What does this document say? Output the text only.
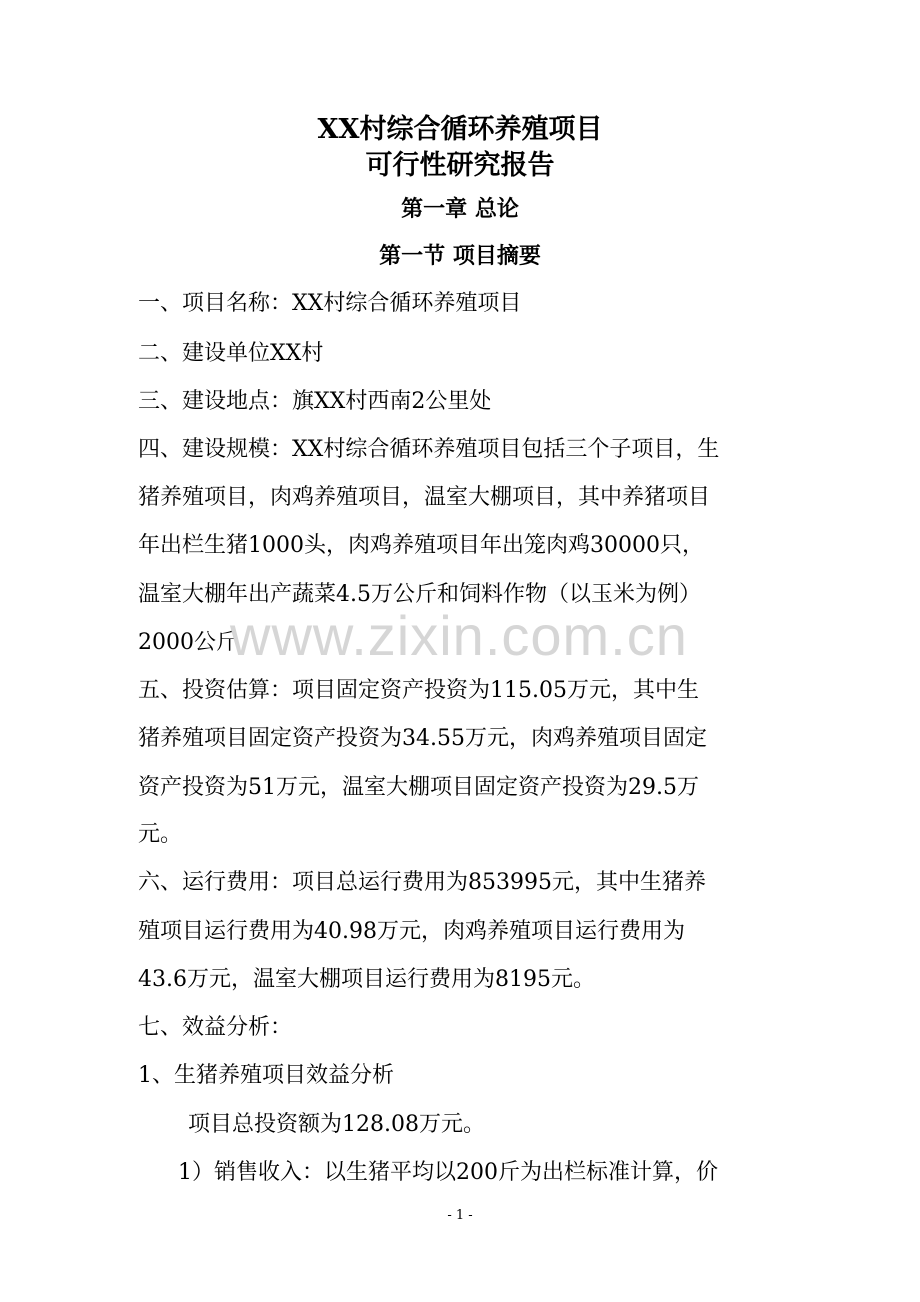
XX村综合循环养殖项目
可行性研究报告
第一章 总论
第一节 项目摘要
一、项目名称：XX村综合循环养殖项目
二、建设单位XX村
三、建设地点：旗XX村西南2公里处
四、建设规模：XX村综合循环养殖项目包括三个子项目，生
猪养殖项目，肉鸡养殖项目，温室大棚项目，其中养猪项目
年出栏生猪1000头，肉鸡养殖项目年出笼肉鸡30000只，
温室大棚年出产蔬菜4.5万公斤和饲料作物（以玉米为例）
2000公斤
五、投资估算：项目固定资产投资为115.05万元，其中生
猪养殖项目固定资产投资为34.55万元，肉鸡养殖项目固定
资产投资为51万元，温室大棚项目固定资产投资为29.5万
元。
六、运行费用：项目总运行费用为853995元，其中生猪养
殖项目运行费用为40.98万元，肉鸡养殖项目运行费用为
43.6万元，温室大棚项目运行费用为8195元。
七、效益分析：
1、生猪养殖项目效益分析
项目总投资额为128.08万元。
1）销售收入：以生猪平均以200斤为出栏标准计算，价
www.zixin.com.cn
- 1 -
